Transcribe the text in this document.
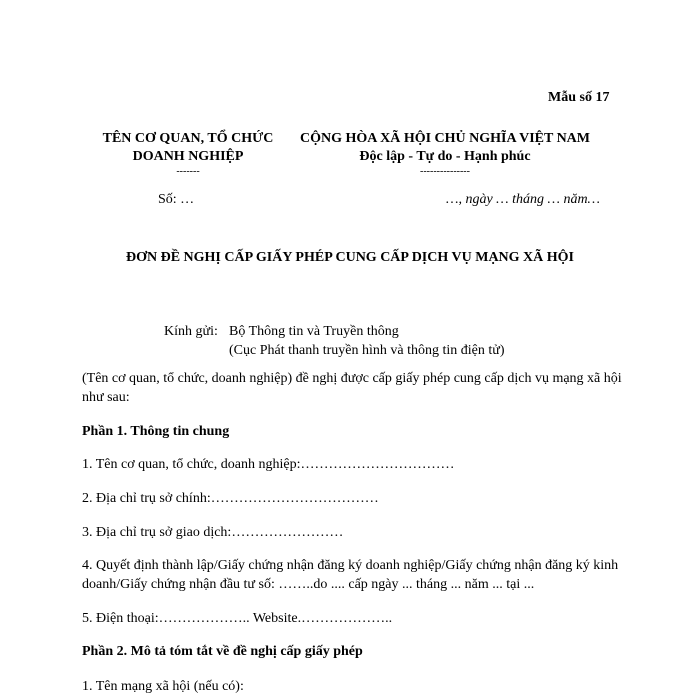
Mẫu số 17
TÊN CƠ QUAN, TỔ CHỨC
DOANH NGHIỆP
-------
CỘNG HÒA XÃ HỘI CHỦ NGHĨA VIỆT NAM
Độc lập - Tự do - Hạnh phúc
---------------
Số: …	…, ngày … tháng … năm…
ĐƠN ĐỀ NGHỊ CẤP GIẤY PHÉP CUNG CẤP DỊCH VỤ MẠNG XÃ HỘI
Kính gửi: Bộ Thông tin và Truyền thông
(Cục Phát thanh truyền hình và thông tin điện tử)
(Tên cơ quan, tổ chức, doanh nghiệp) đề nghị được cấp giấy phép cung cấp dịch vụ mạng xã hội như sau:
Phần 1. Thông tin chung
1. Tên cơ quan, tổ chức, doanh nghiệp:……………………………
2. Địa chỉ trụ sở chính:………………………………
3. Địa chỉ trụ sở giao dịch:……………………
4. Quyết định thành lập/Giấy chứng nhận đăng ký doanh nghiệp/Giấy chứng nhận đăng ký kinh doanh/Giấy chứng nhận đầu tư số: ……..do .... cấp ngày ... tháng ... năm ... tại ...
5. Điện thoại:……………….. Website.………………..
Phần 2. Mô tả tóm tắt về đề nghị cấp giấy phép
1. Tên mạng xã hội (nếu có):
